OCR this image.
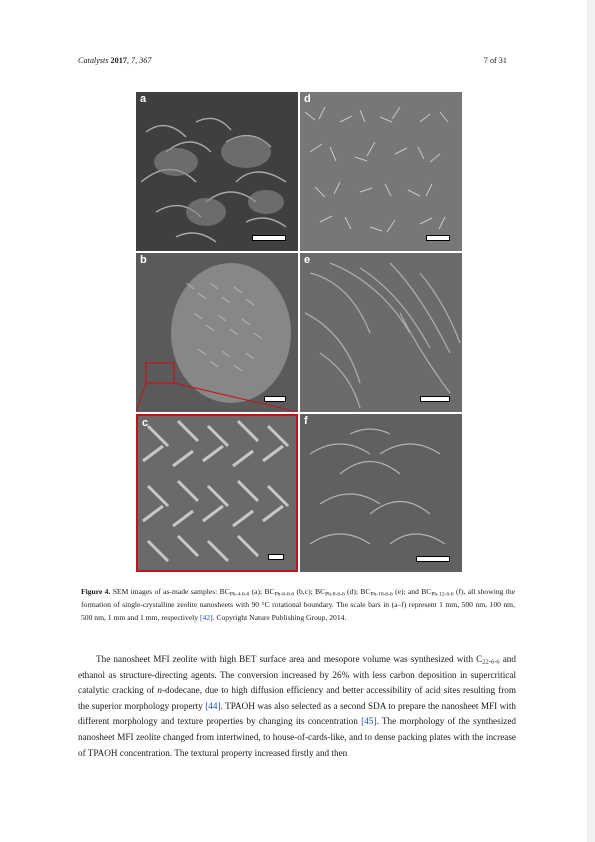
Catalysts 2017, 7, 367	7 of 31
a	d
b	e
c	f
Figure 4. SEM images of as-made samples: $BC_{Ph-4-6-6}$ (a); $BC_{Ph-6-6-6}$ (b,c); $BC_{Ph-8-6-6}$ (d); $BC_{Ph-10-6-6}$ (e); and $BC_{Ph-12-6-6}$ (f), all showing the formation of single-crystalline zeolite nanosheets with 90 °C rotational boundary. The scale bars in (a–f) represent 1 mm, 500 nm, 100 nm, 500 nm, 1 mm and 1 mm, respectively [42]. Copyright Nature Publishing Group, 2014.

The nanosheet MFI zeolite with high BET surface area and mesopore volume was synthesized with $C_{22-6-6}$ and ethanol as structure-directing agents. The conversion increased by 26% with less carbon deposition in supercritical catalytic cracking of n-dodecane, due to high diffusion efficiency and better accessibility of acid sites resulting from the superior morphology property [44]. TPAOH was also selected as a second SDA to prepare the nanosheet MFI with different morphology and texture properties by changing its concentration [45]. The morphology of the synthesized nanosheet MFI zeolite changed from intertwined, to house-of-cards-like, and to dense packing plates with the increase of TPAOH concentration. The textural property increased firstly and then
